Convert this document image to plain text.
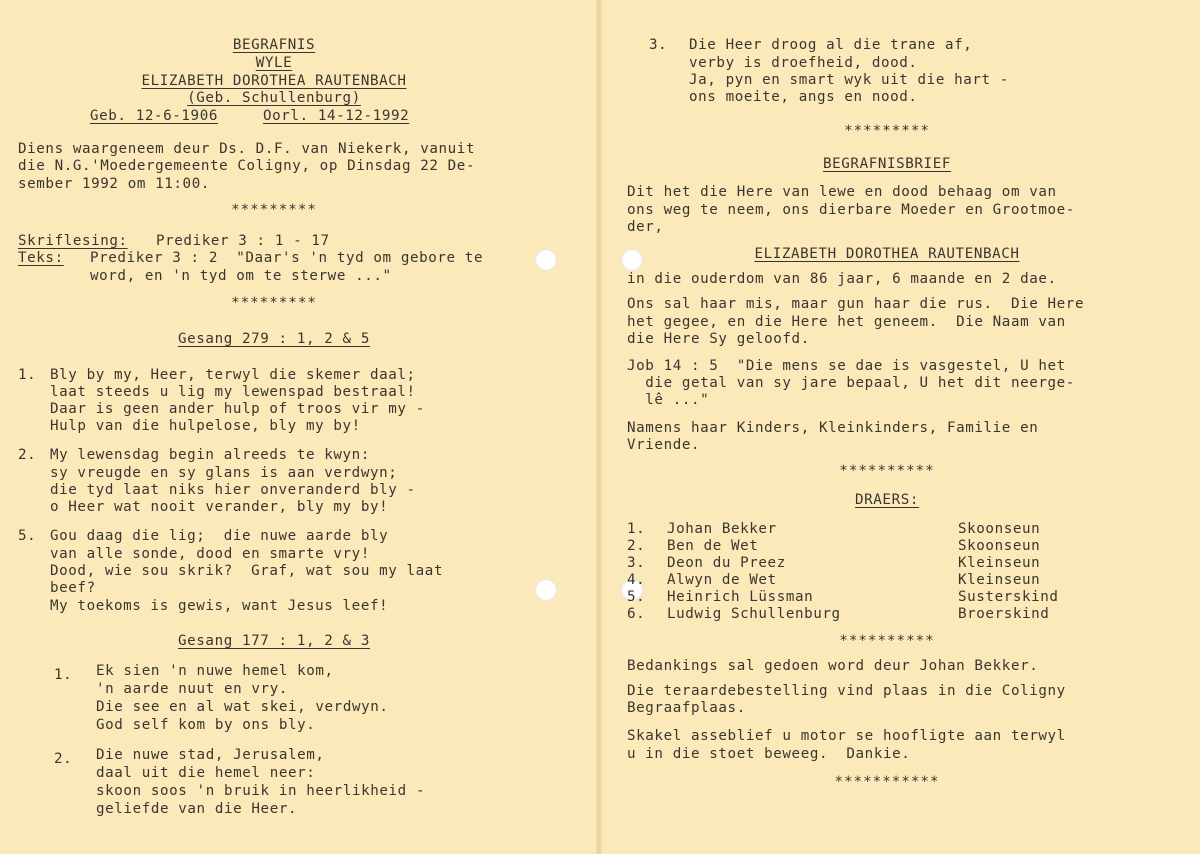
BEGRAFNIS
WYLE
ELIZABETH DOROTHEA RAUTENBACH
(Geb. Schullenburg)
Geb. 12-6-1906	Oorl. 14-12-1992
Diens waargeneem deur Ds. D.F. van Niekerk, vanuit
die N.G.'Moedergemeente Coligny, op Dinsdag 22 De-
sember 1992 om 11:00.
*********
Skriflesing: Prediker 3 : 1 - 17
Teks: Prediker 3 : 2  "Daar's 'n tyd om gebore te
word, en 'n tyd om te sterwe ..."
*********
Gesang 279 : 1, 2 & 5
1. Bly by my, Heer, terwyl die skemer daal;
laat steeds u lig my lewenspad bestraal!
Daar is geen ander hulp of troos vir my -
Hulp van die hulpelose, bly my by!
2. My lewensdag begin alreeds te kwyn:
sy vreugde en sy glans is aan verdwyn;
die tyd laat niks hier onveranderd bly -
o Heer wat nooit verander, bly my by!
5. Gou daag die lig;  die nuwe aarde bly
van alle sonde, dood en smarte vry!
Dood, wie sou skrik?  Graf, wat sou my laat
beef?
My toekoms is gewis, want Jesus leef!
Gesang 177 : 1, 2 & 3
1. Ek sien 'n nuwe hemel kom,
'n aarde nuut en vry.
Die see en al wat skei, verdwyn.
God self kom by ons bly.
2. Die nuwe stad, Jerusalem,
daal uit die hemel neer:
skoon soos 'n bruik in heerlikheid -
geliefde van die Heer.
3. Die Heer droog al die trane af,
verby is droefheid, dood.
Ja, pyn en smart wyk uit die hart -
ons moeite, angs en nood.
*********
BEGRAFNISBRIEF
Dit het die Here van lewe en dood behaag om van
ons weg te neem, ons dierbare Moeder en Grootmoe-
der,
ELIZABETH DOROTHEA RAUTENBACH
in die ouderdom van 86 jaar, 6 maande en 2 dae.
Ons sal haar mis, maar gun haar die rus.  Die Here
het gegee, en die Here het geneem.  Die Naam van
die Here Sy geloofd.
Job 14 : 5  "Die mens se dae is vasgestel, U het
die getal van sy jare bepaal, U het dit neergе-
lê ..."
Namens haar Kinders, Kleinkinders, Familie en
Vriende.
**********
DRAERS:
1. Johan Bekker	Skoonseun
2. Ben de Wet	Skoonseun
3. Deon du Preez	Kleinseun
4. Alwyn de Wet	Kleinseun
5. Heinrich Lüssman	Susterskind
6. Ludwig Schullenburg	Broerskind
**********
Bedankings sal gedoen word deur Johan Bekker.
Die teraardebestelling vind plaas in die Coligny
Begraafplaas.
Skakel asseblief u motor se hoofligte aan terwyl
u in die stoet beweeg.  Dankie.
***********
